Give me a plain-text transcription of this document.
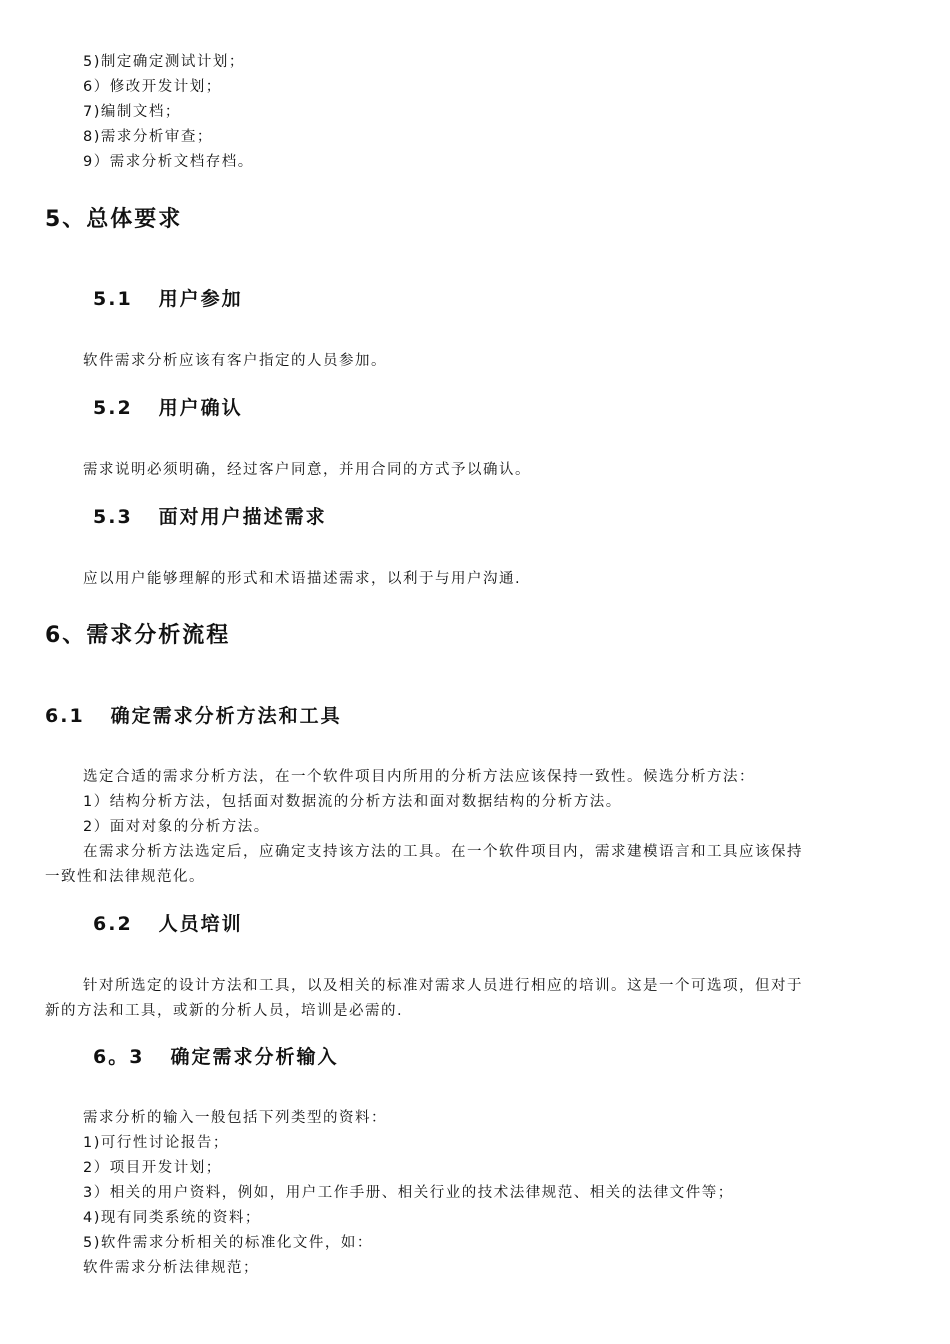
5)制定确定测试计划；
6）修改开发计划；
7)编制文档；
8)需求分析审查；
9）需求分析文档存档。
5、总体要求
5.1 用户参加
软件需求分析应该有客户指定的人员参加。
5.2 用户确认
需求说明必须明确，经过客户同意，并用合同的方式予以确认。
5.3 面对用户描述需求
应以用户能够理解的形式和术语描述需求，以利于与用户沟通.
6、需求分析流程
6.1 确定需求分析方法和工具
选定合适的需求分析方法，在一个软件项目内所用的分析方法应该保持一致性。候选分析方法：
1）结构分析方法，包括面对数据流的分析方法和面对数据结构的分析方法。
2）面对对象的分析方法。
在需求分析方法选定后，应确定支持该方法的工具。在一个软件项目内，需求建模语言和工具应该保持
一致性和法律规范化。
6.2 人员培训
针对所选定的设计方法和工具，以及相关的标准对需求人员进行相应的培训。这是一个可选项，但对于
新的方法和工具，或新的分析人员，培训是必需的.
6。3 确定需求分析输入
需求分析的输入一般包括下列类型的资料：
1)可行性讨论报告；
2）项目开发计划；
3）相关的用户资料，例如，用户工作手册、相关行业的技术法律规范、相关的法律文件等；
4)现有同类系统的资料；
5)软件需求分析相关的标准化文件，如：
软件需求分析法律规范；
